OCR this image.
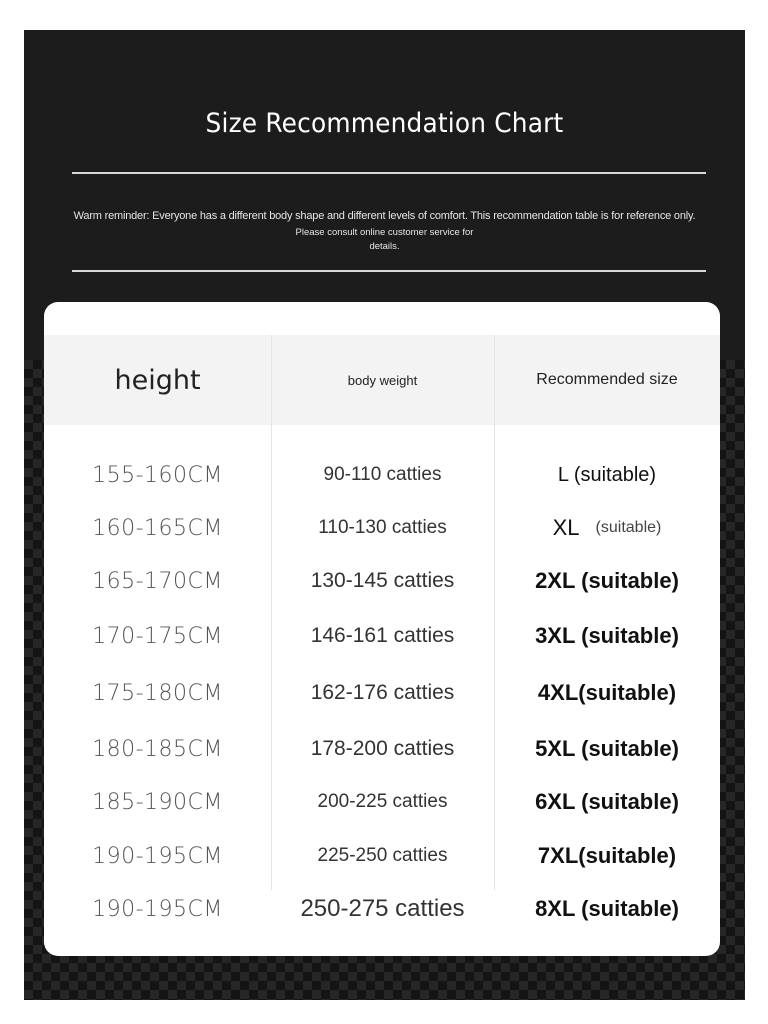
Size Recommendation Chart
Warm reminder: Everyone has a different body shape and different levels of comfort. This recommendation table is for reference only.
Please consult online customer service for
details.
height	body weight	Recommended size
155-160CM	90-110 catties	L (suitable)
160-165CM	110-130 catties	XL (suitable)
165-170CM	130-145 catties	2XL (suitable)
170-175CM	146-161 catties	3XL (suitable)
175-180CM	162-176 catties	4XL(suitable)
180-185CM	178-200 catties	5XL (suitable)
185-190CM	200-225 catties	6XL (suitable)
190-195CM	225-250 catties	7XL(suitable)
190-195CM	250-275 catties	8XL (suitable)
